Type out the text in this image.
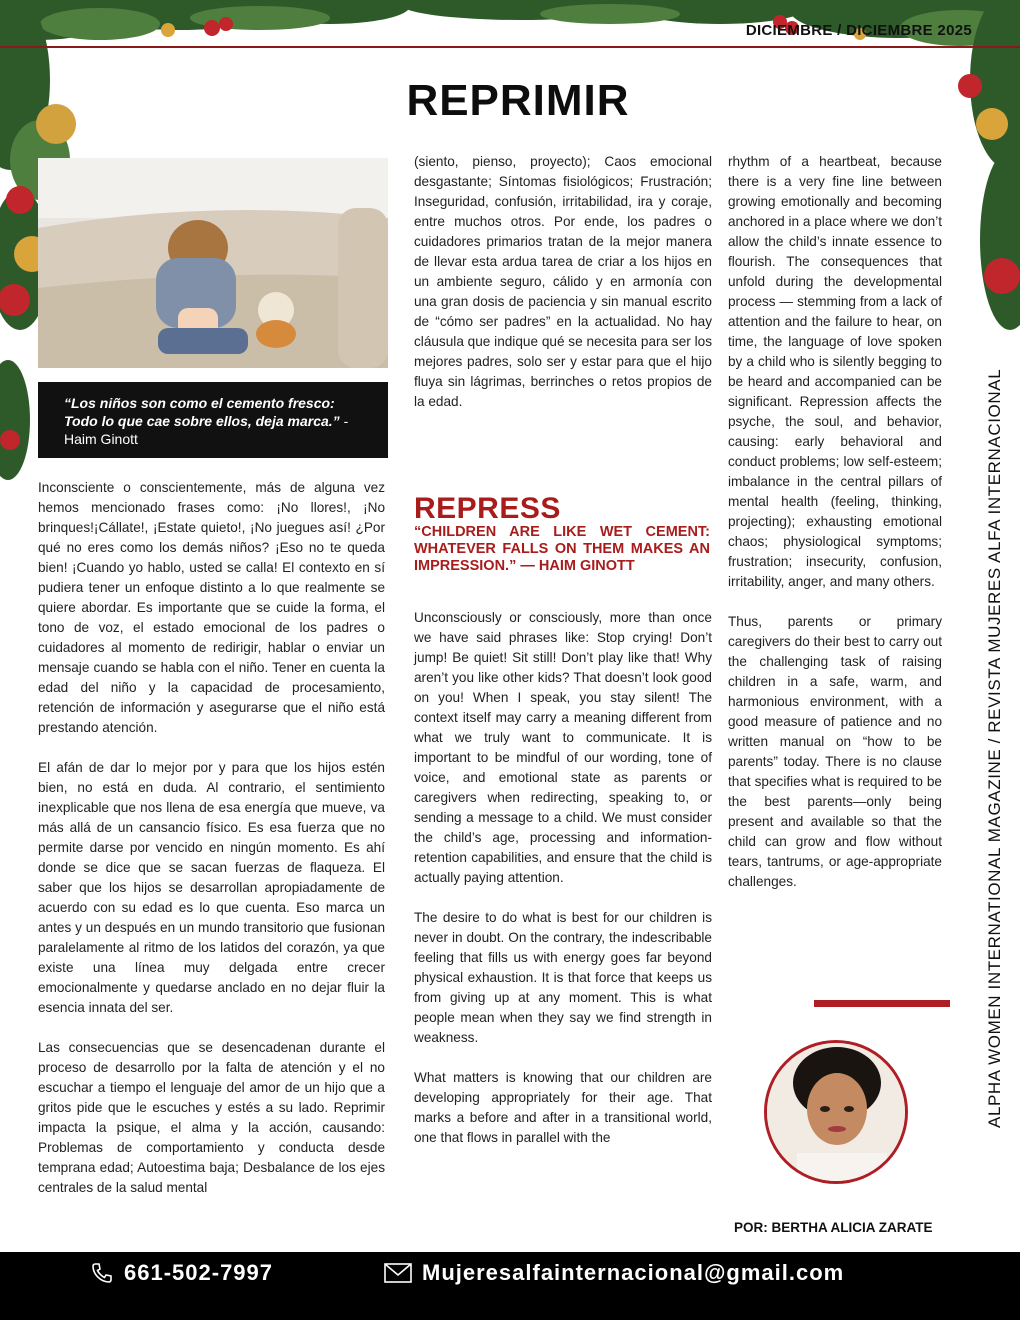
DICIEMBRE / DICIEMBRE 2025
REPRIMIR
“Los niños son como el cemento fresco: Todo lo que cae sobre ellos, deja marca.” -Haim Ginott

Inconsciente o conscientemente, más de alguna vez hemos mencionado frases como: ¡No llores!, ¡No brinques!¡Cállate!, ¡Estate quieto!, ¡No juegues así! ¿Por qué no eres como los demás niños? ¡Eso no te queda bien! ¡Cuando yo hablo, usted se calla! El contexto en sí pudiera tener un enfoque distinto a lo que realmente se quiere abordar. Es importante que se cuide la forma, el tono de voz, el estado emocional de los padres o cuidadores al momento de redirigir, hablar o enviar un mensaje cuando se habla con el niño. Tener en cuenta la edad del niño y la capacidad de procesamiento, retención de información y asegurarse que el niño está prestando atención.

El afán de dar lo mejor por y para que los hijos estén bien, no está en duda. Al contrario, el sentimiento inexplicable que nos llena de esa energía que mueve, va más allá de un cansancio físico. Es esa fuerza que no permite darse por vencido en ningún momento. Es ahí donde se dice que se sacan fuerzas de flaqueza. El saber que los hijos se desarrollan apropiadamente de acuerdo con su edad es lo que cuenta. Eso marca un antes y un después en un mundo transitorio que fusionan paralelamente al ritmo de los latidos del corazón, ya que existe una línea muy delgada entre crecer emocionalmente y quedarse anclado en no dejar fluir la esencia innata del ser.

Las consecuencias que se desencadenan durante el proceso de desarrollo por la falta de atención y el no escuchar a tiempo el lenguaje del amor de un hijo que a gritos pide que le escuches y estés a su lado. Reprimir impacta la psique, el alma y la acción, causando: Problemas de comportamiento y conducta desde temprana edad; Autoestima baja; Desbalance de los ejes centrales de la salud mental

(siento, pienso, proyecto); Caos emocional desgastante; Síntomas fisiológicos; Frustración; Inseguridad, confusión, irritabilidad, ira y coraje, entre muchos otros. Por ende, los padres o cuidadores primarios tratan de la mejor manera de llevar esta ardua tarea de criar a los hijos en un ambiente seguro, cálido y en armonía con una gran dosis de paciencia y sin manual escrito de “cómo ser padres” en la actualidad. No hay cláusula que indique qué se necesita para ser los mejores padres, solo ser y estar para que el hijo fluya sin lágrimas, berrinches o retos propios de la edad.

REPRESS
“CHILDREN ARE LIKE WET CEMENT: WHATEVER FALLS ON THEM MAKES AN IMPRESSION.” — HAIM GINOTT

Unconsciously or consciously, more than once we have said phrases like: Stop crying! Don’t jump! Be quiet! Sit still! Don’t play like that! Why aren’t you like other kids? That doesn’t look good on you! When I speak, you stay silent! The context itself may carry a meaning different from what we truly want to communicate. It is important to be mindful of our wording, tone of voice, and emotional state as parents or caregivers when redirecting, speaking to, or sending a message to a child. We must consider the child’s age, processing and information-retention capabilities, and ensure that the child is actually paying attention.

The desire to do what is best for our children is never in doubt. On the contrary, the indescribable feeling that fills us with energy goes far beyond physical exhaustion. It is that force that keeps us from giving up at any moment. This is what people mean when they say we find strength in weakness.

What matters is knowing that our children are developing appropriately for their age. That marks a before and after in a transitional world, one that flows in parallel with the

rhythm of a heartbeat, because there is a very fine line between growing emotionally and becoming anchored in a place where we don’t allow the child’s innate essence to flourish. The consequences that unfold during the developmental process — stemming from a lack of attention and the failure to hear, on time, the language of love spoken by a child who is silently begging to be heard and accompanied can be significant. Repression affects the psyche, the soul, and behavior, causing: early behavioral and conduct problems; low self-esteem; imbalance in the central pillars of mental health (feeling, thinking, projecting); exhausting emotional chaos; physiological symptoms; frustration; insecurity, confusion, irritability, anger, and many others.

Thus, parents or primary caregivers do their best to carry out the challenging task of raising children in a safe, warm, and harmonious environment, with a good measure of patience and no written manual on “how to be parents” today. There is no clause that specifies what is required to be the best parents—only being present and available so that the child can grow and flow without tears, tantrums, or age-appropriate challenges.

POR: BERTHA ALICIA ZARATE
ALPHA WOMEN INTERNATIONAL MAGAZINE / REVISTA MUJERES ALFA INTERNACIONAL
661-502-7997	Mujeresalfainternacional@gmail.com
